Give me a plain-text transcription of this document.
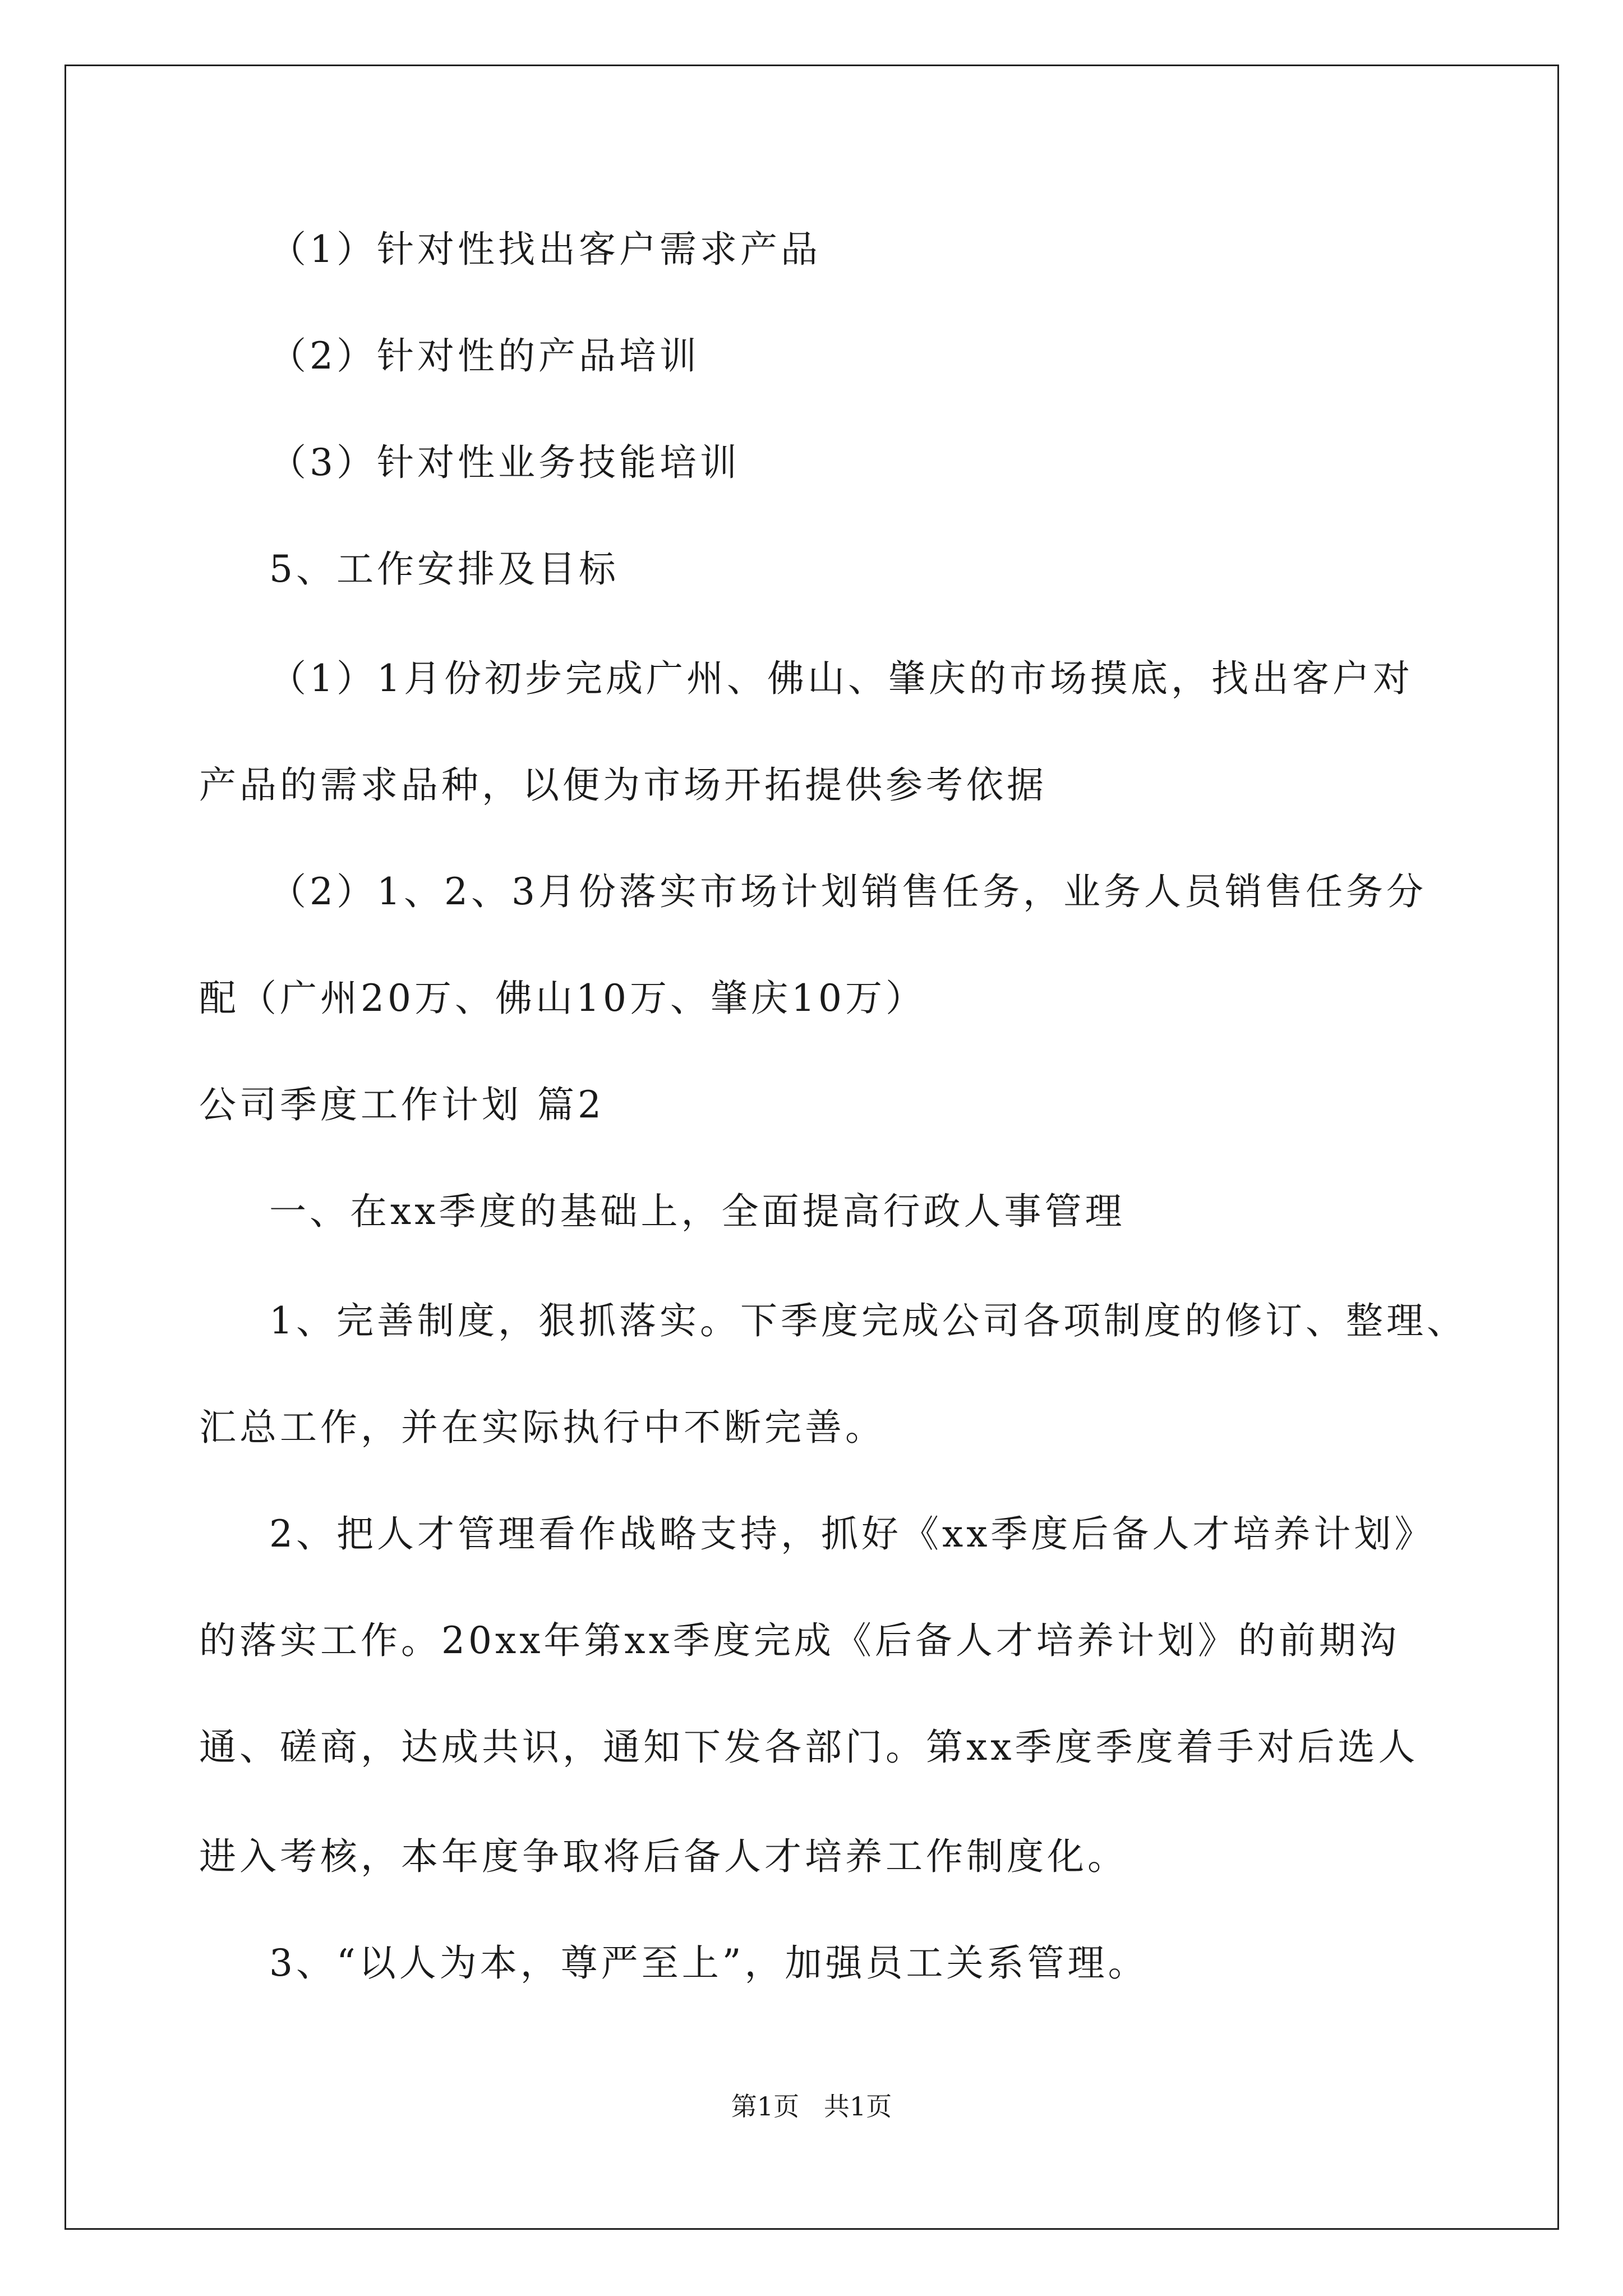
（1）针对性找出客户需求产品

（2）针对性的产品培训

（3）针对性业务技能培训

5、工作安排及目标

（1）1月份初步完成广州、佛山、肇庆的市场摸底，找出客户对

产品的需求品种，以便为市场开拓提供参考依据

（2）1、2、3月份落实市场计划销售任务，业务人员销售任务分

配（广州20万、佛山10万、肇庆10万）

公司季度工作计划 篇2

一、在xx季度的基础上，全面提高行政人事管理

1、完善制度，狠抓落实。下季度完成公司各项制度的修订、整理、

汇总工作，并在实际执行中不断完善。

2、把人才管理看作战略支持，抓好《xx季度后备人才培养计划》

的落实工作。20xx年第xx季度完成《后备人才培养计划》的前期沟

通、磋商，达成共识，通知下发各部门。第xx季度季度着手对后选人

进入考核，本年度争取将后备人才培养工作制度化。

3、“以人为本，尊严至上”，加强员工关系管理。

第1页   共1页
